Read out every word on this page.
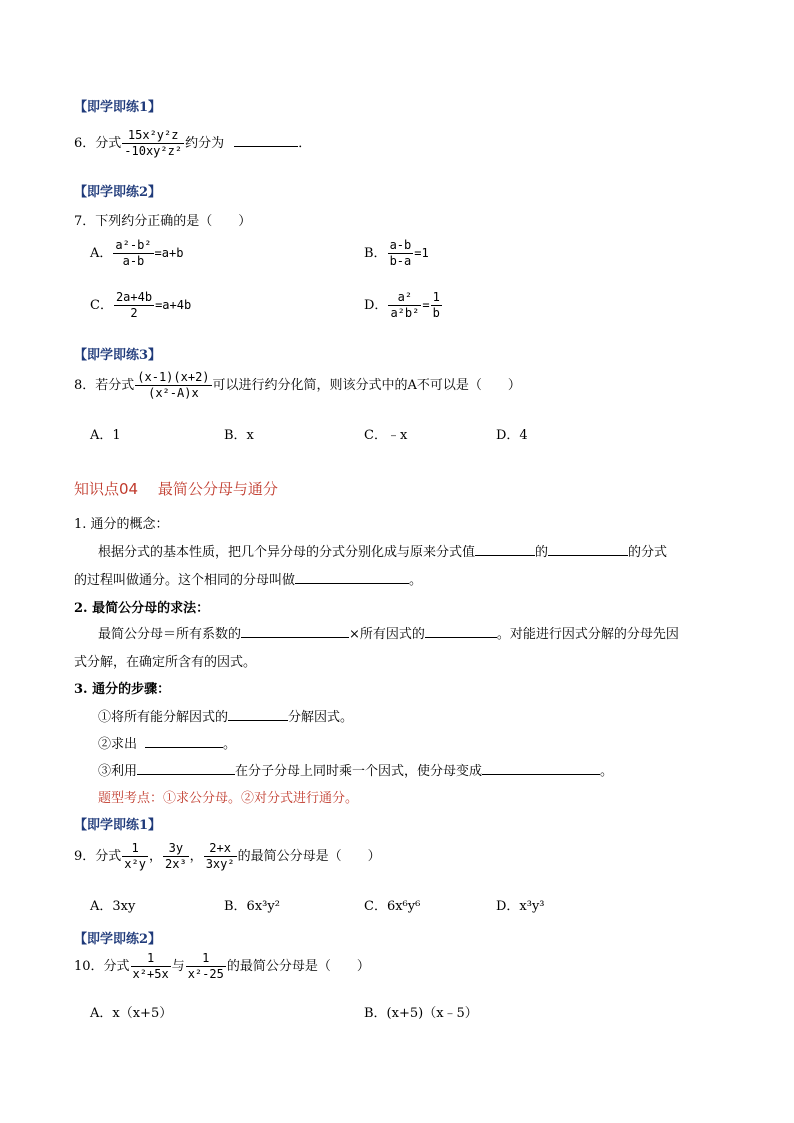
【即学即练1】
6．分式 $\frac{\text{15x²y²z}}{\text{-10xy²z²}}$ 约分为	．
【即学即练2】
7．下列约分正确的是（　　）
A． $\frac{\text{a²-b²}}{a-b} =a+b$	B． $\frac{a-b}{b-a} =1$
C． $\frac{2a+4b}{2} =a+4b$	D． $\frac{\text{a²}}{\text{a²b²}} = \frac{1}{b}$
【即学即练3】
8．若分式 $\frac{(x-1)(x+2)}{\text{(x²-A)x}}$ 可以进行约分化简，则该分式中的A不可以是（　　）
A．1	B．x	C．﹣x	D．4
知识点04　 最简公分母与通分
1. 通分的概念：
根据分式的基本性质，把几个异分母的分式分别化成与原来分式值	的	的分式
的过程叫做通分。这个相同的分母叫做	。
2. 最简公分母的求法：
最简公分母＝所有系数的	×所有因式的	。对能进行因式分解的分母先因
式分解，在确定所含有的因式。
3. 通分的步骤：
①将所有能分解因式的	分解因式。
②求出	。
③利用	在分子分母上同时乘一个因式，使分母变成	。
题型考点：①求公分母。②对分式进行通分。
【即学即练1】
9．分式 $\frac{1}{\text{x²y}}$ ， $\frac{3y}{\text{2x³}}$ ， $\frac{2+x}{\text{3xy²}}$ 的最简公分母是（　　）
A．3xy	B．6x³y²	C．6x⁶y⁶	D．x³y³
【即学即练2】
10．分式 $\frac{1}{\text{x²+5x}}$ 与 $\frac{1}{\text{x²-25}}$ 的最简公分母是（　　）
A．x（x+5）	B．(x+5)（x﹣5）
